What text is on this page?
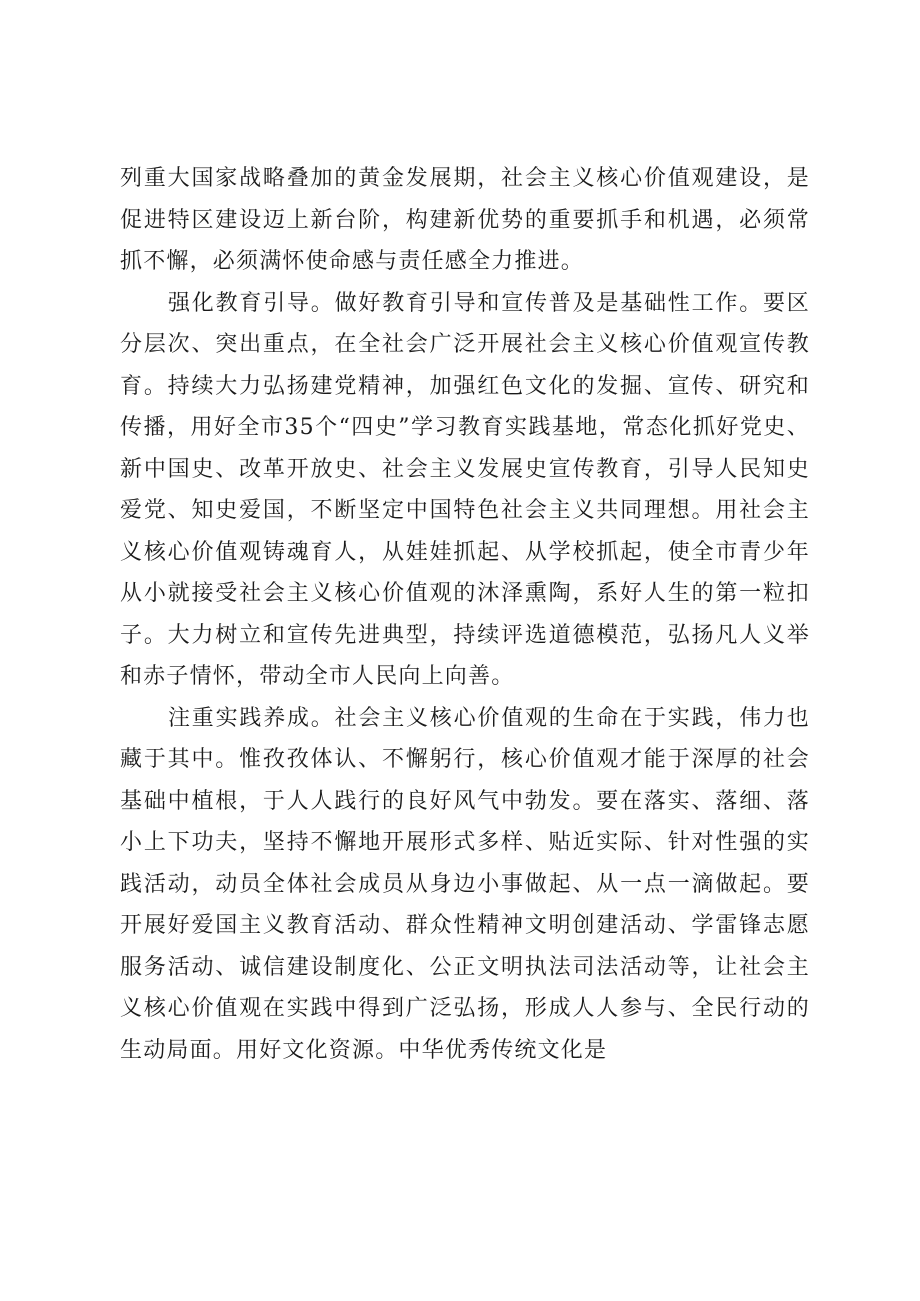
列重大国家战略叠加的黄金发展期，社会主义核心价值观建设，是促进特区建设迈上新台阶，构建新优势的重要抓手和机遇，必须常抓不懈，必须满怀使命感与责任感全力推进。

强化教育引导。做好教育引导和宣传普及是基础性工作。要区分层次、突出重点，在全社会广泛开展社会主义核心价值观宣传教育。持续大力弘扬建党精神，加强红色文化的发掘、宣传、研究和传播，用好全市35个“四史”学习教育实践基地，常态化抓好党史、新中国史、改革开放史、社会主义发展史宣传教育，引导人民知史爱党、知史爱国，不断坚定中国特色社会主义共同理想。用社会主义核心价值观铸魂育人，从娃娃抓起、从学校抓起，使全市青少年从小就接受社会主义核心价值观的沐泽熏陶，系好人生的第一粒扣子。大力树立和宣传先进典型，持续评选道德模范，弘扬凡人义举和赤子情怀，带动全市人民向上向善。

注重实践养成。社会主义核心价值观的生命在于实践，伟力也藏于其中。惟孜孜体认、不懈躬行，核心价值观才能于深厚的社会基础中植根，于人人践行的良好风气中勃发。要在落实、落细、落小上下功夫，坚持不懈地开展形式多样、贴近实际、针对性强的实践活动，动员全体社会成员从身边小事做起、从一点一滴做起。要开展好爱国主义教育活动、群众性精神文明创建活动、学雷锋志愿服务活动、诚信建设制度化、公正文明执法司法活动等，让社会主义核心价值观在实践中得到广泛弘扬，形成人人参与、全民行动的生动局面。用好文化资源。中华优秀传统文化是
